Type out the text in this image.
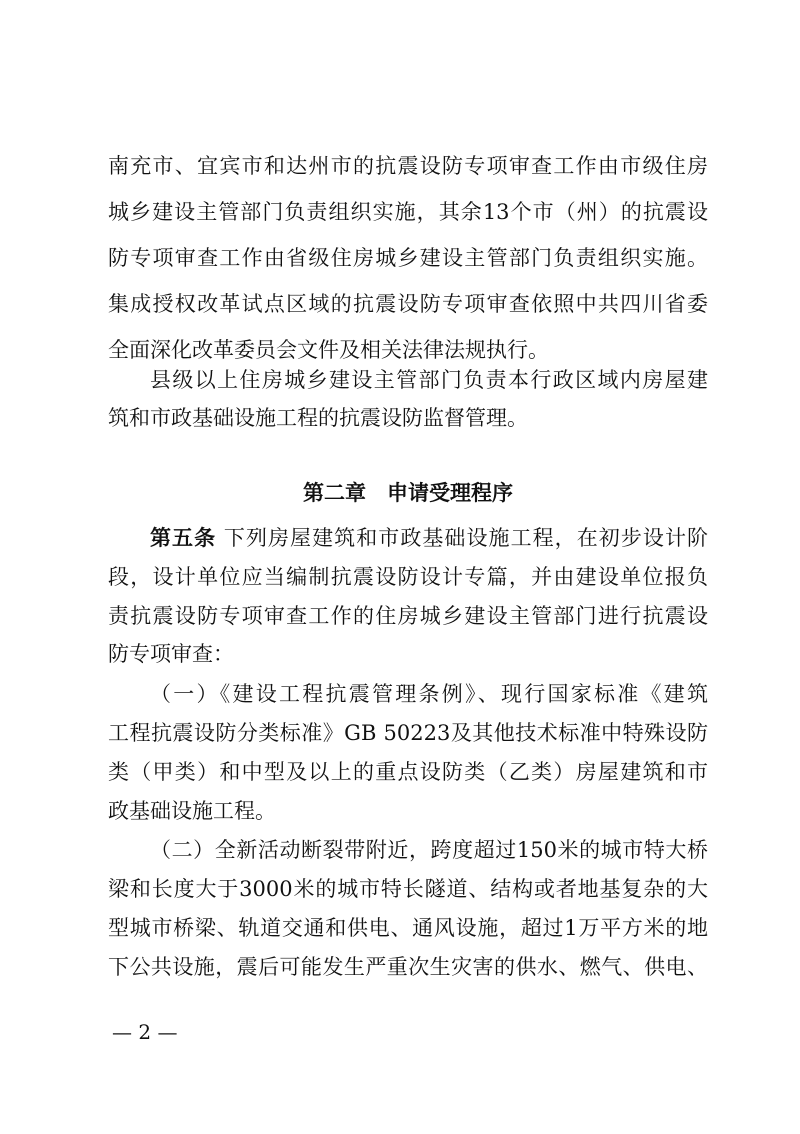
南充市、宜宾市和达州市的抗震设防专项审查工作由市级住房
城乡建设主管部门负责组织实施，其余13个市（州）的抗震设
防专项审查工作由省级住房城乡建设主管部门负责组织实施。
集成授权改革试点区域的抗震设防专项审查依照中共四川省委
全面深化改革委员会文件及相关法律法规执行。
县级以上住房城乡建设主管部门负责本行政区域内房屋建
筑和市政基础设施工程的抗震设防监督管理。
第二章　申请受理程序
第五条 下列房屋建筑和市政基础设施工程，在初步设计阶
段，设计单位应当编制抗震设防设计专篇，并由建设单位报负
责抗震设防专项审查工作的住房城乡建设主管部门进行抗震设
防专项审查：
（一）《建设工程抗震管理条例》、现行国家标准《建筑
工程抗震设防分类标准》GB 50223及其他技术标准中特殊设防
类（甲类）和中型及以上的重点设防类（乙类）房屋建筑和市
政基础设施工程。
（二）全新活动断裂带附近，跨度超过150米的城市特大桥
梁和长度大于3000米的城市特长隧道、结构或者地基复杂的大
型城市桥梁、轨道交通和供电、通风设施，超过1万平方米的地
下公共设施，震后可能发生严重次生灾害的供水、燃气、供电、
— 2 —
